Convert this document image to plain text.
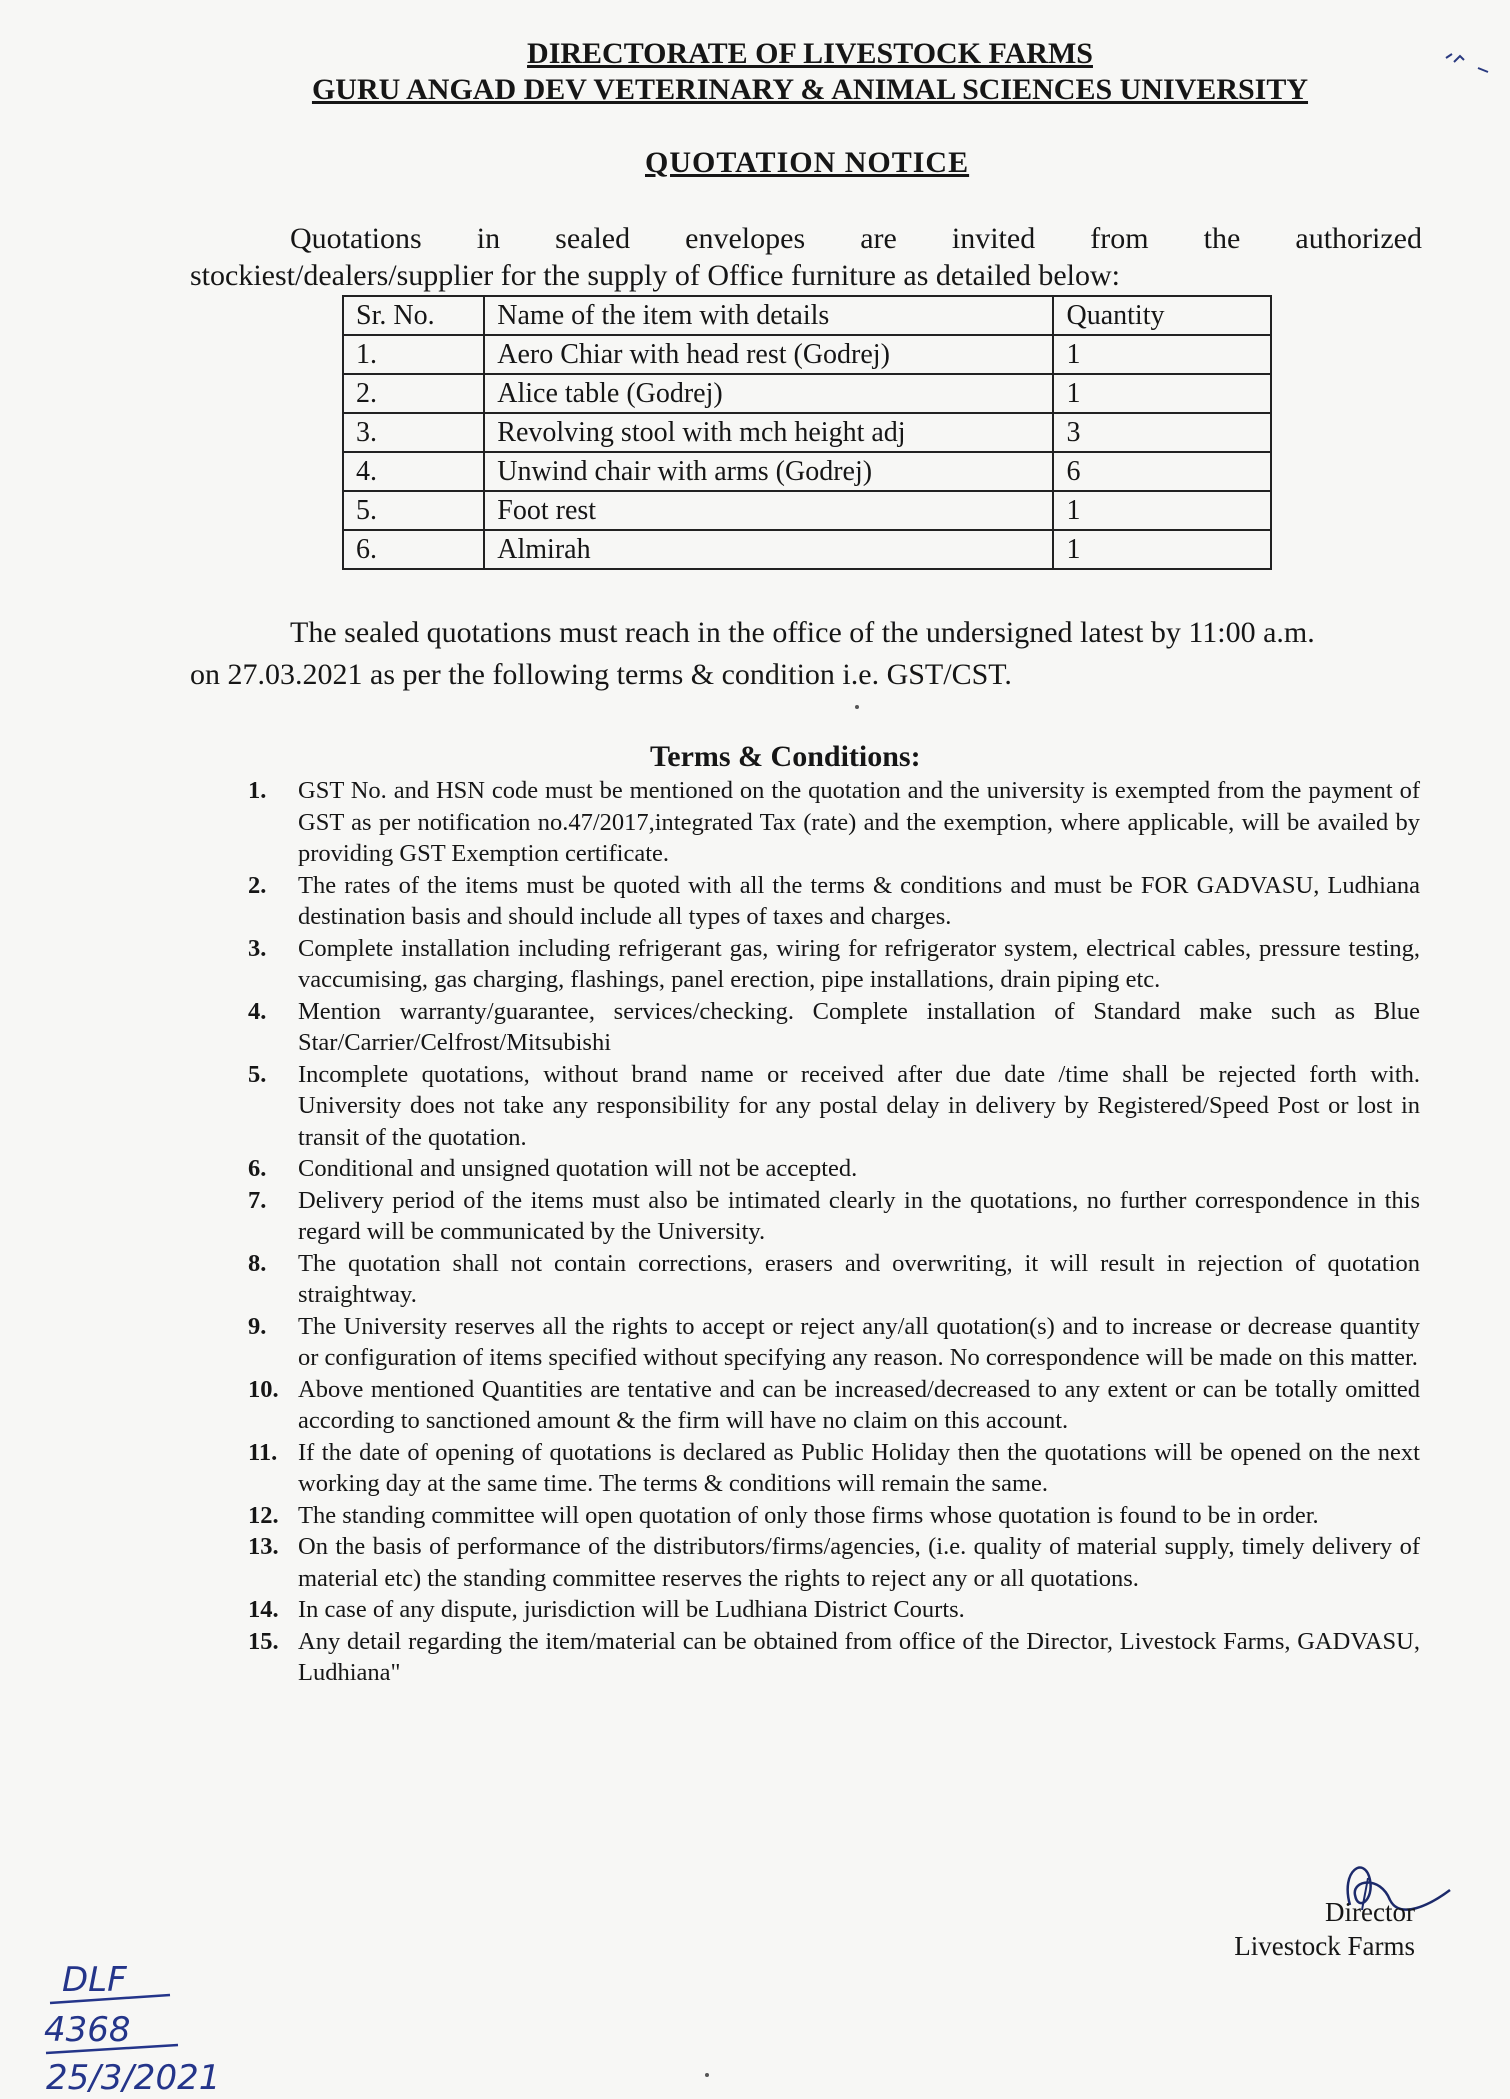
DIRECTORATE OF LIVESTOCK FARMS
GURU ANGAD DEV VETERINARY & ANIMAL SCIENCES UNIVERSITY
QUOTATION NOTICE
Quotations in sealed envelopes are invited from the authorized
stockiest/dealers/supplier for the supply of Office furniture as detailed below:
Sr. No.	Name of the item with details	Quantity
1.	Aero Chiar with head rest (Godrej)	1
2.	Alice table (Godrej)	1
3.	Revolving stool with mch height adj	3
4.	Unwind chair with arms (Godrej)	6
5.	Foot rest	1
6.	Almirah	1
The sealed quotations must reach in the office of the undersigned latest by 11:00 a.m.
on 27.03.2021 as per the following terms & condition i.e. GST/CST.
Terms & Conditions:
1. GST No. and HSN code must be mentioned on the quotation and the university is exempted from the payment of GST as per notification no.47/2017,integrated Tax (rate) and the exemption, where applicable, will be availed by providing GST Exemption certificate.
2. The rates of the items must be quoted with all the terms & conditions and must be FOR GADVASU, Ludhiana destination basis and should include all types of taxes and charges.
3. Complete installation including refrigerant gas, wiring for refrigerator system, electrical cables, pressure testing, vaccumising, gas charging, flashings, panel erection, pipe installations, drain piping etc.
4. Mention warranty/guarantee, services/checking. Complete installation of Standard make such as Blue Star/Carrier/Celfrost/Mitsubishi
5. Incomplete quotations, without brand name or received after due date /time shall be rejected forth with. University does not take any responsibility for any postal delay in delivery by Registered/Speed Post or lost in transit of the quotation.
6. Conditional and unsigned quotation will not be accepted.
7. Delivery period of the items must also be intimated clearly in the quotations, no further correspondence in this regard will be communicated by the University.
8. The quotation shall not contain corrections, erasers and overwriting, it will result in rejection of quotation straightway.
9. The University reserves all the rights to accept or reject any/all quotation(s) and to increase or decrease quantity or configuration of items specified without specifying any reason. No correspondence will be made on this matter.
10. Above mentioned Quantities are tentative and can be increased/decreased to any extent or can be totally omitted according to sanctioned amount & the firm will have no claim on this account.
11. If the date of opening of quotations is declared as Public Holiday then the quotations will be opened on the next working day at the same time. The terms & conditions will remain the same.
12. The standing committee will open quotation of only those firms whose quotation is found to be in order.
13. On the basis of performance of the distributors/firms/agencies, (i.e. quality of material supply, timely delivery of material etc) the standing committee reserves the rights to reject any or all quotations.
14. In case of any dispute, jurisdiction will be Ludhiana District Courts.
15. Any detail regarding the item/material can be obtained from office of the Director, Livestock Farms, GADVASU, Ludhiana"
Director
Livestock Farms
DLF
4368
25/3/2021
